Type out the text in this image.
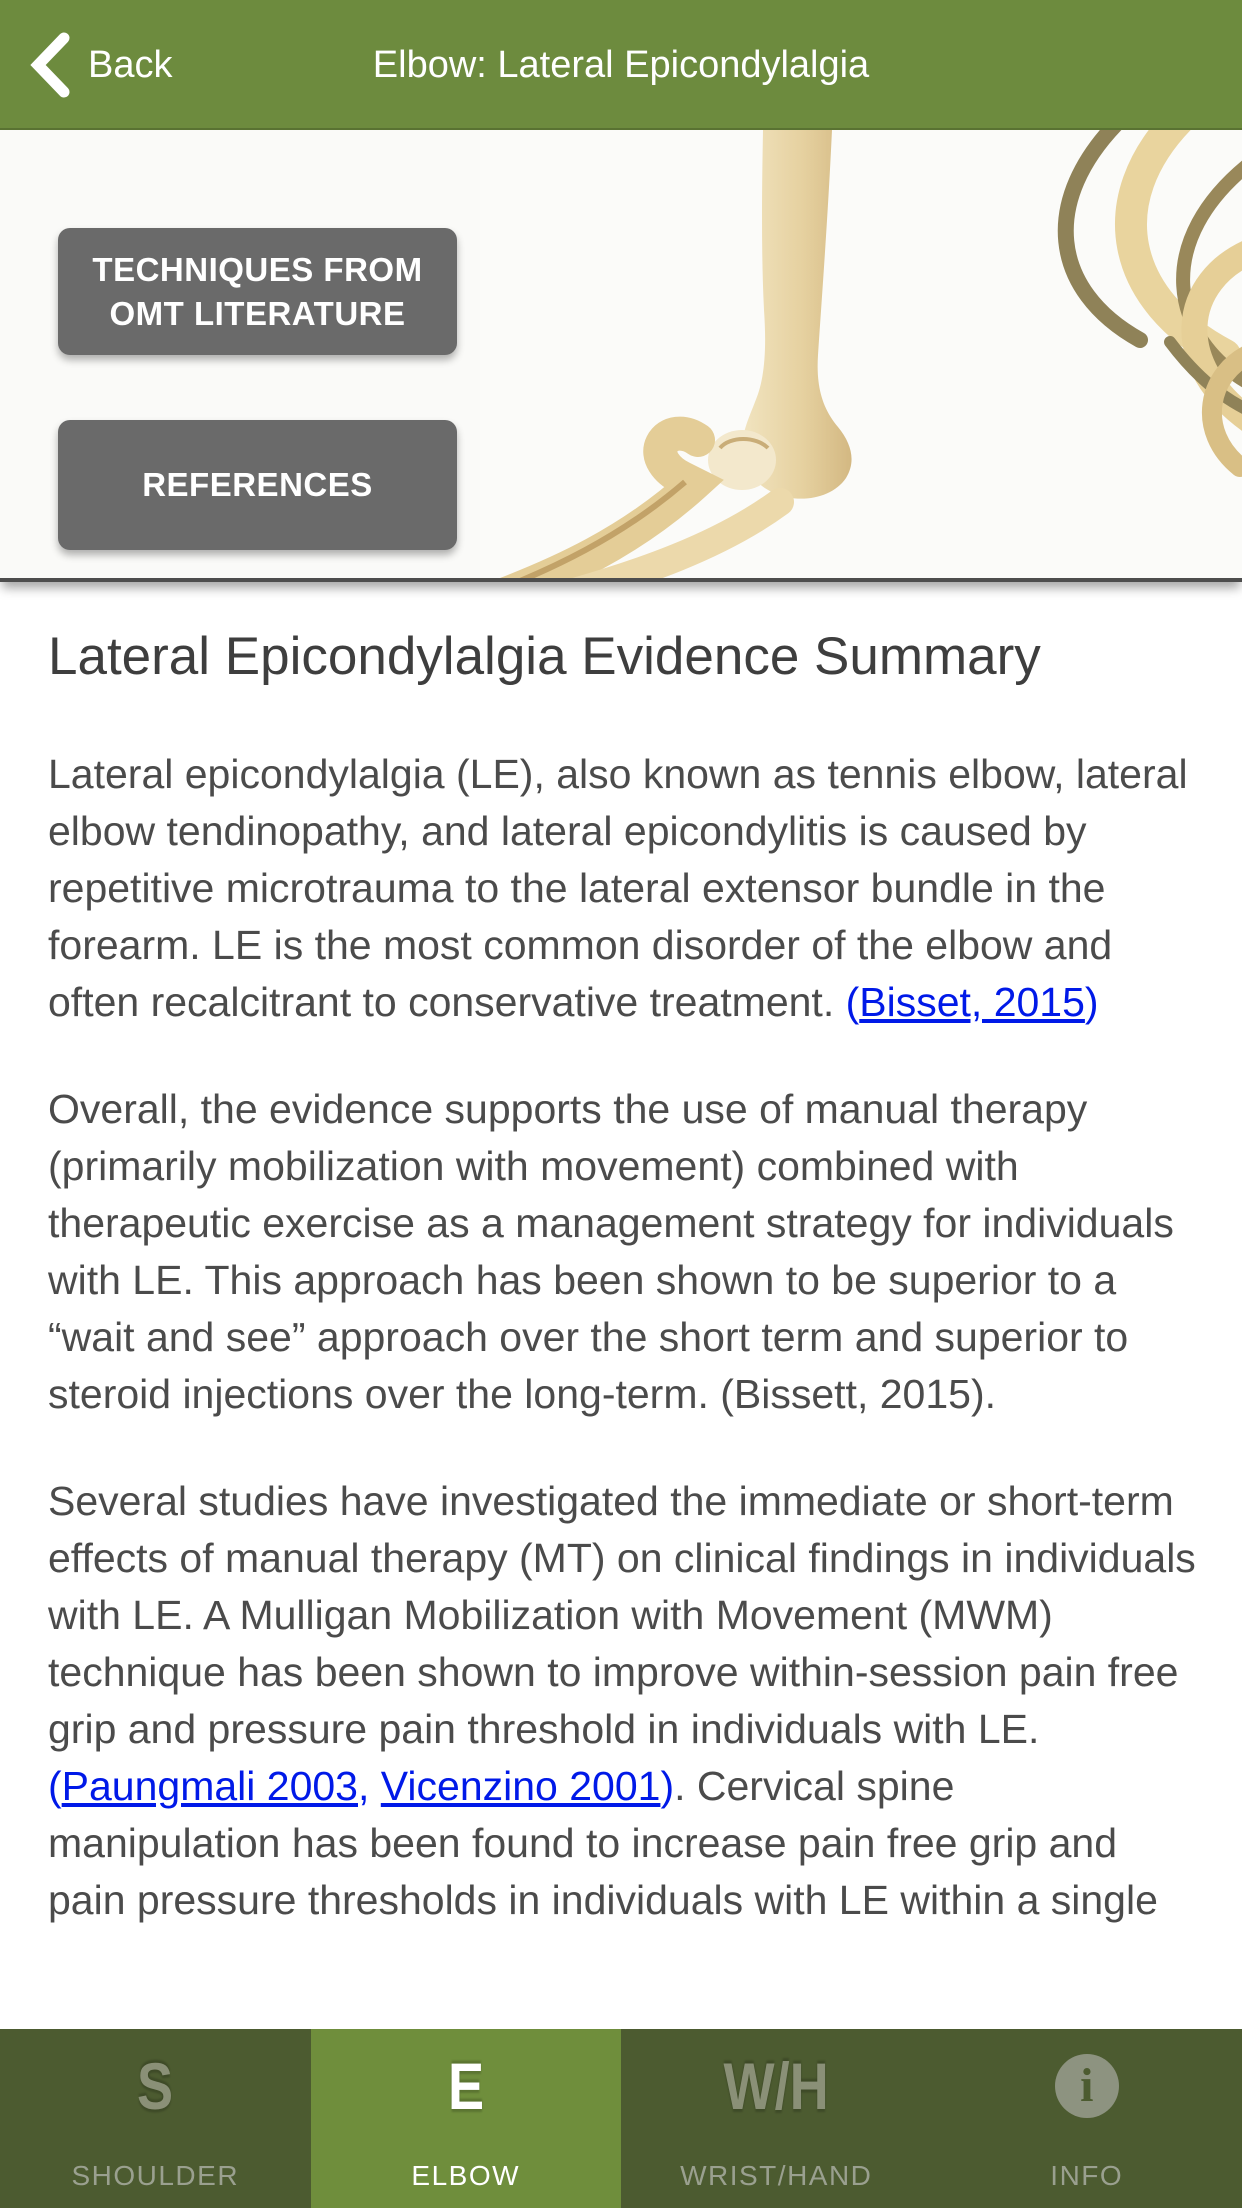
Back	Elbow: Lateral Epicondylalgia
TECHNIQUES FROM OMT LITERATURE
REFERENCES
Lateral Epicondylalgia Evidence Summary

Lateral epicondylalgia (LE), also known as tennis elbow, lateral elbow tendinopathy, and lateral epicondylitis is caused by repetitive microtrauma to the lateral extensor bundle in the forearm. LE is the most common disorder of the elbow and often recalcitrant to conservative treatment. (Bisset, 2015)

Overall, the evidence supports the use of manual therapy (primarily mobilization with movement) combined with therapeutic exercise as a management strategy for individuals with LE. This approach has been shown to be superior to a “wait and see” approach over the short term and superior to steroid injections over the long-term. (Bissett, 2015).

Several studies have investigated the immediate or short-term effects of manual therapy (MT) on clinical findings in individuals with LE. A Mulligan Mobilization with Movement (MWM) technique has been shown to improve within-session pain free grip and pressure pain threshold in individuals with LE. (Paungmali 2003, Vicenzino 2001). Cervical spine manipulation has been found to increase pain free grip and pain pressure thresholds in individuals with LE within a single

S
SHOULDER
E
ELBOW
W/H
WRIST/HAND
i
INFO
